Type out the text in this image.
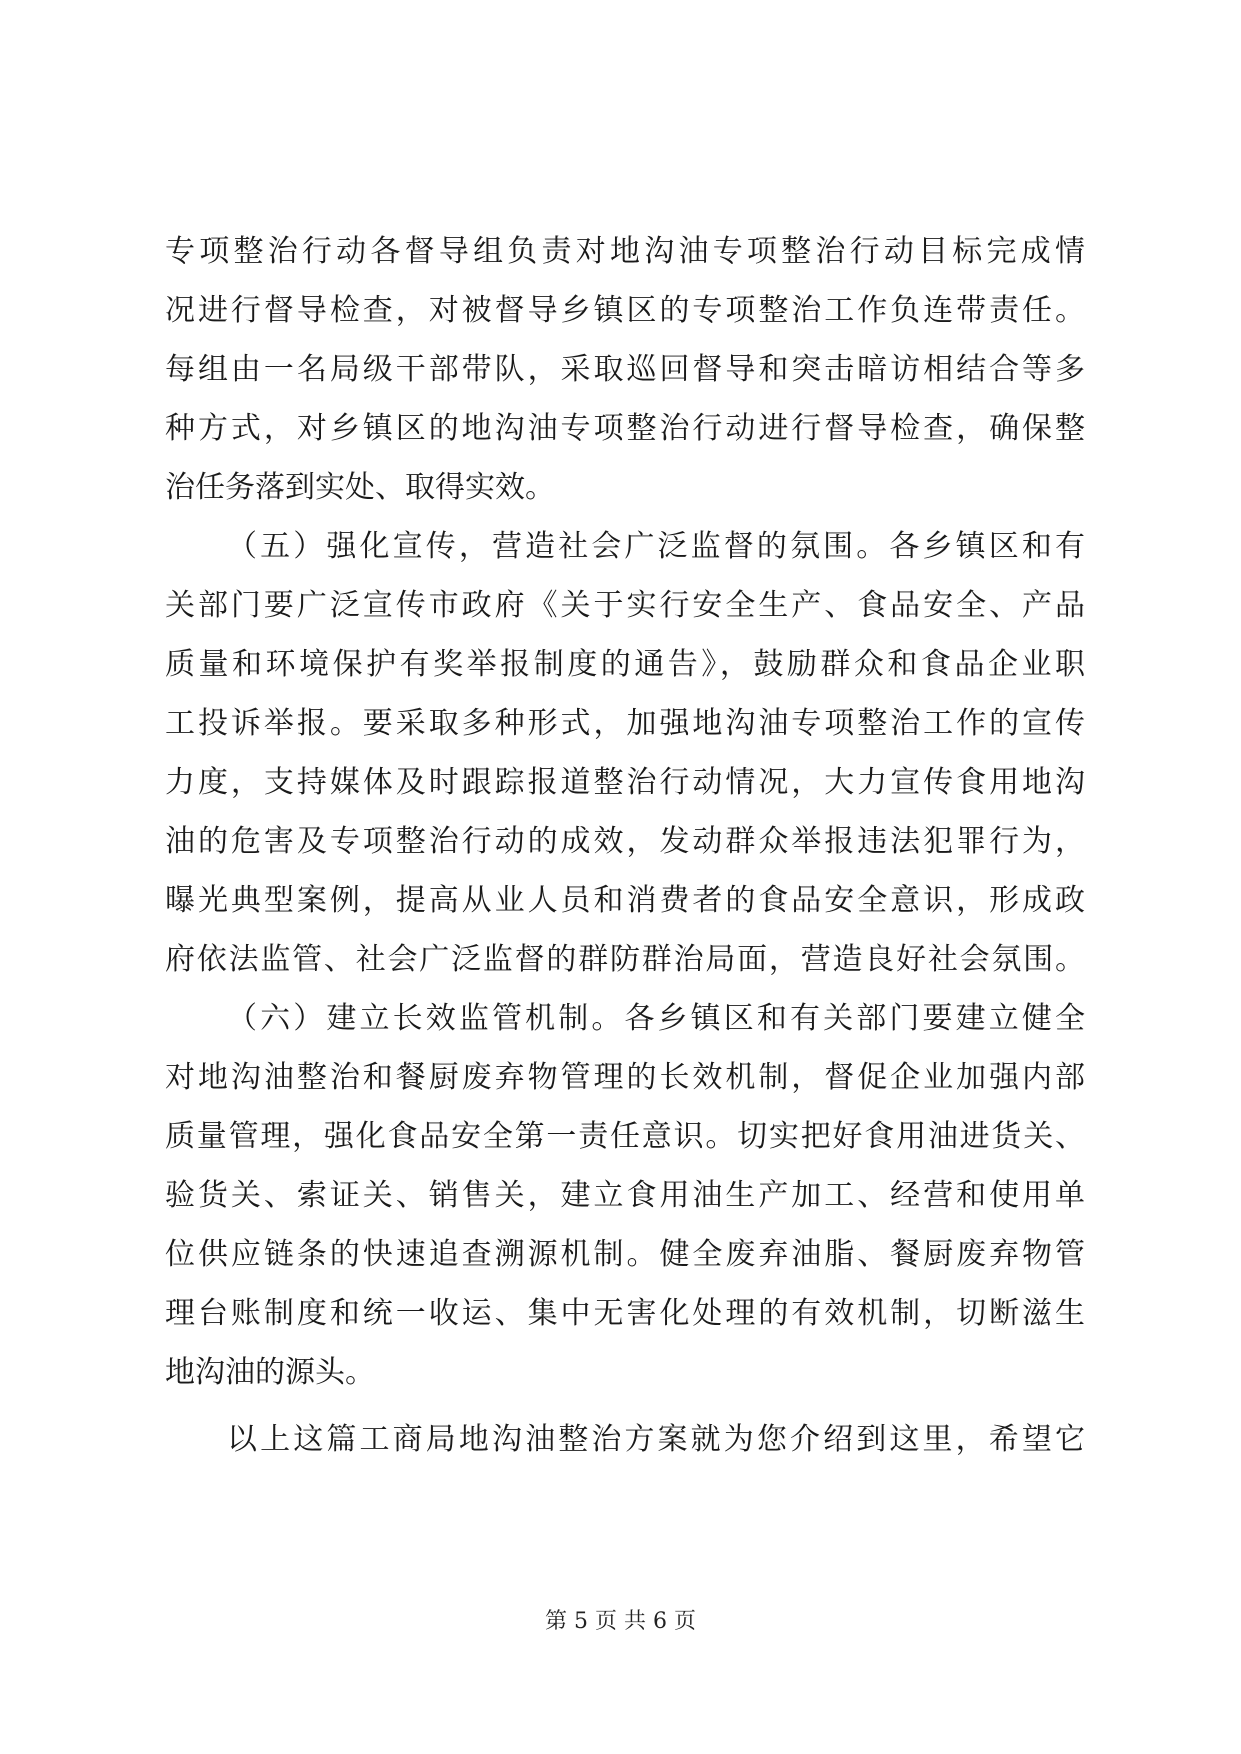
专项整治行动各督导组负责对地沟油专项整治行动目标完成情
况进行督导检查，对被督导乡镇区的专项整治工作负连带责任。
每组由一名局级干部带队，采取巡回督导和突击暗访相结合等多
种方式，对乡镇区的地沟油专项整治行动进行督导检查，确保整
治任务落到实处、取得实效。
（五）强化宣传，营造社会广泛监督的氛围。各乡镇区和有
关部门要广泛宣传市政府《关于实行安全生产、食品安全、产品
质量和环境保护有奖举报制度的通告》，鼓励群众和食品企业职
工投诉举报。要采取多种形式，加强地沟油专项整治工作的宣传
力度，支持媒体及时跟踪报道整治行动情况，大力宣传食用地沟
油的危害及专项整治行动的成效，发动群众举报违法犯罪行为，
曝光典型案例，提高从业人员和消费者的食品安全意识，形成政
府依法监管、社会广泛监督的群防群治局面，营造良好社会氛围。
（六）建立长效监管机制。各乡镇区和有关部门要建立健全
对地沟油整治和餐厨废弃物管理的长效机制，督促企业加强内部
质量管理，强化食品安全第一责任意识。切实把好食用油进货关、
验货关、索证关、销售关，建立食用油生产加工、经营和使用单
位供应链条的快速追查溯源机制。健全废弃油脂、餐厨废弃物管
理台账制度和统一收运、集中无害化处理的有效机制，切断滋生
地沟油的源头。
以上这篇工商局地沟油整治方案就为您介绍到这里，希望它
第 5 页 共 6 页
